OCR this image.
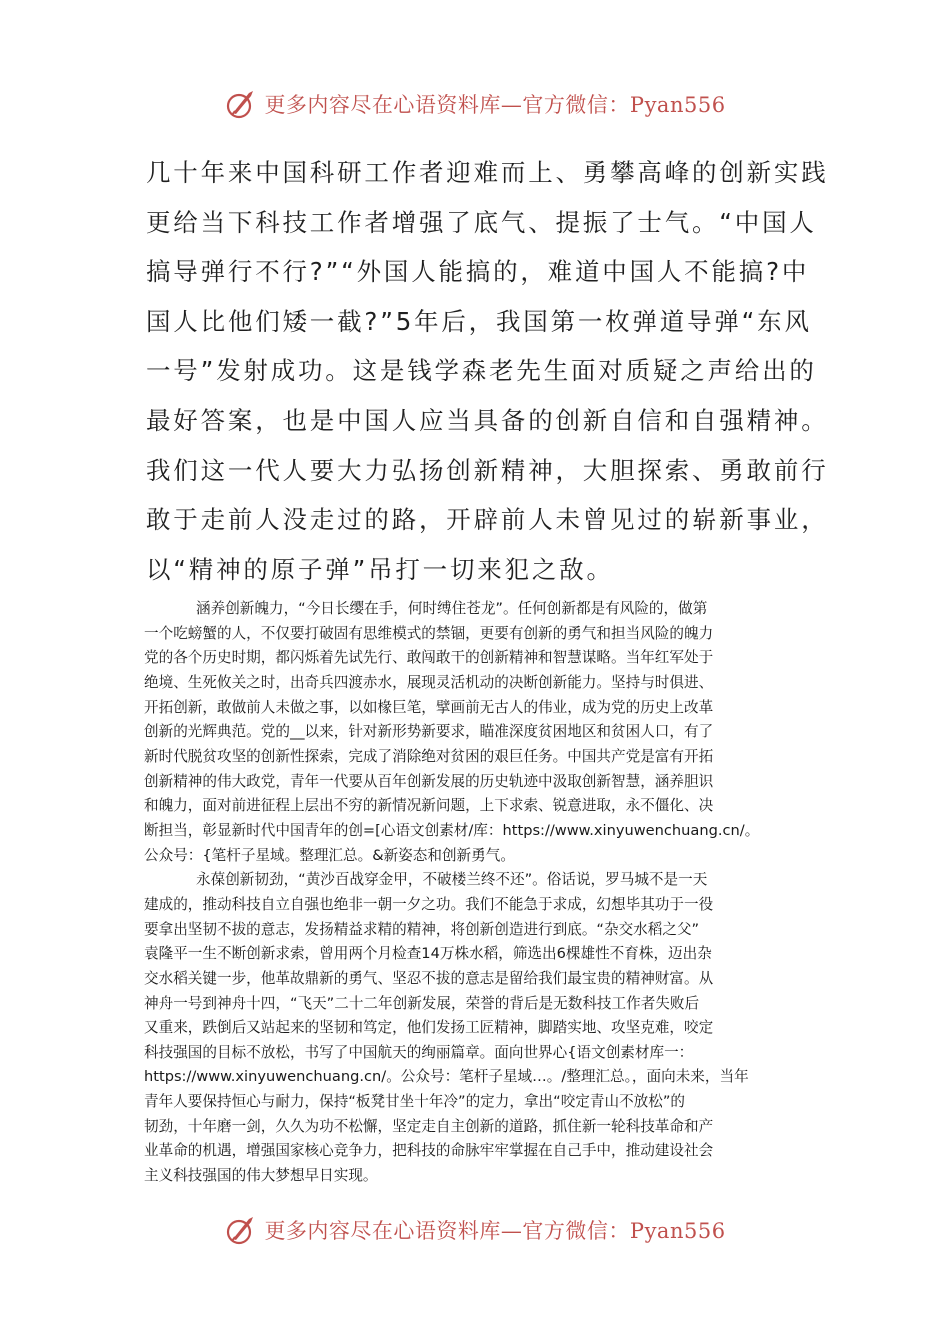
更多内容尽在心语资料库—官方微信：Pyan556
几十年来中国科研工作者迎难而上、勇攀高峰的创新实践
更给当下科技工作者增强了底气、提振了士气。“中国人
搞导弹行不行?”“外国人能搞的，难道中国人不能搞?中
国人比他们矮一截?”5年后，我国第一枚弹道导弹“东风
一号”发射成功。这是钱学森老先生面对质疑之声给出的
最好答案，也是中国人应当具备的创新自信和自强精神。
我们这一代人要大力弘扬创新精神，大胆探索、勇敢前行
敢于走前人没走过的路，开辟前人未曾见过的崭新事业，
以“精神的原子弹”吊打一切来犯之敌。
涵养创新魄力，“今日长缨在手，何时缚住苍龙”。任何创新都是有风险的，做第
一个吃螃蟹的人，不仅要打破固有思维模式的禁锢，更要有创新的勇气和担当风险的魄力
党的各个历史时期，都闪烁着先试先行、敢闯敢干的创新精神和智慧谋略。当年红军处于
绝境、生死攸关之时，出奇兵四渡赤水，展现灵活机动的决断创新能力。坚持与时俱进、
开拓创新，敢做前人未做之事，以如椽巨笔，擘画前无古人的伟业，成为党的历史上改革
创新的光辉典范。党的__以来，针对新形势新要求，瞄准深度贫困地区和贫困人口，有了
新时代脱贫攻坚的创新性探索，完成了消除绝对贫困的艰巨任务。中国共产党是富有开拓
创新精神的伟大政党，青年一代要从百年创新发展的历史轨迹中汲取创新智慧，涵养胆识
和魄力，面对前进征程上层出不穷的新情况新问题，上下求索、锐意进取，永不僵化、决
断担当，彰显新时代中国青年的创=[心语文创素材/库：https://www.xinyuwenchuang.cn/。
公众号：{笔杆子星域。整理汇总。&新姿态和创新勇气。
永葆创新韧劲，“黄沙百战穿金甲，不破楼兰终不还”。俗话说，罗马城不是一天
建成的，推动科技自立自强也绝非一朝一夕之功。我们不能急于求成，幻想毕其功于一役
要拿出坚韧不拔的意志，发扬精益求精的精神，将创新创造进行到底。“杂交水稻之父”
袁隆平一生不断创新求索，曾用两个月检查14万株水稻，筛选出6棵雄性不育株，迈出杂
交水稻关键一步，他革故鼎新的勇气、坚忍不拔的意志是留给我们最宝贵的精神财富。从
神舟一号到神舟十四，“飞天”二十二年创新发展，荣誉的背后是无数科技工作者失败后
又重来，跌倒后又站起来的坚韧和笃定，他们发扬工匠精神，脚踏实地、攻坚克难，咬定
科技强国的目标不放松，书写了中国航天的绚丽篇章。面向世界心{语文创素材库一：
https://www.xinyuwenchuang.cn/。公众号：笔杆子星域…。/整理汇总。，面向未来，当年
青年人要保持恒心与耐力，保持“板凳甘坐十年冷”的定力，拿出“咬定青山不放松”的
韧劲，十年磨一剑，久久为功不松懈，坚定走自主创新的道路，抓住新一轮科技革命和产
业革命的机遇，增强国家核心竞争力，把科技的命脉牢牢掌握在自己手中，推动建设社会
主义科技强国的伟大梦想早日实现。
更多内容尽在心语资料库—官方微信：Pyan556
